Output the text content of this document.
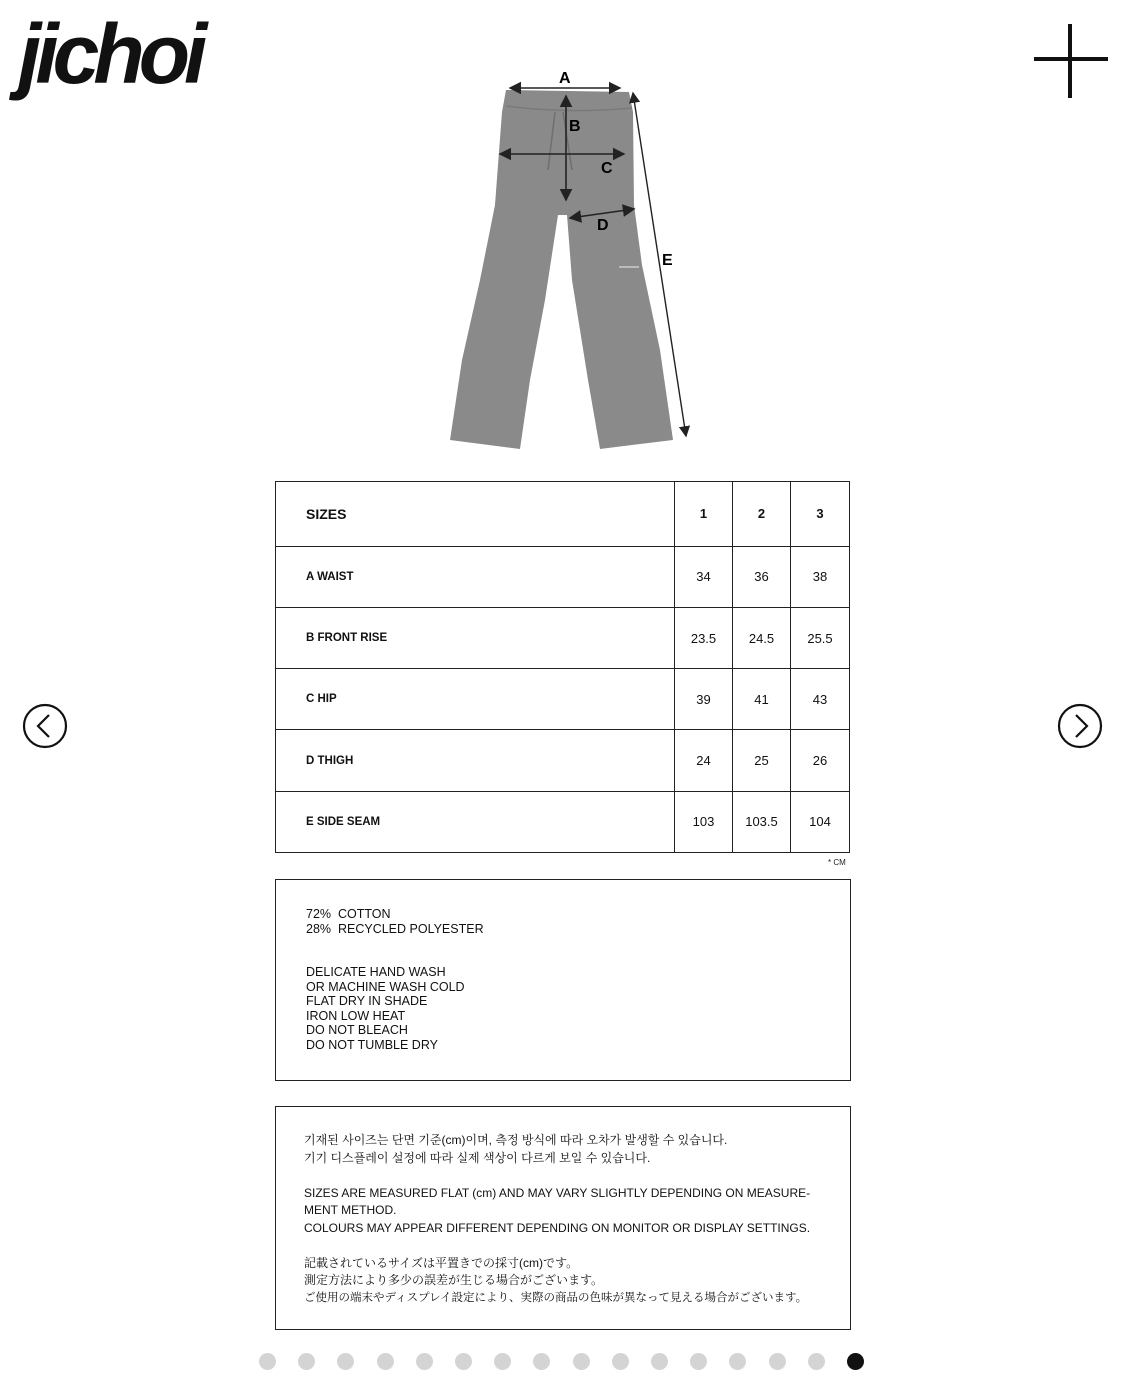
jichoi	A
B
C
D
E
SIZES	1	2	3
A WAIST	34	36	38
B FRONT RISE	23.5	24.5	25.5
C HIP	39	41	43
D THIGH	24	25	26
E SIDE SEAM	103	103.5	104
* CM
72%  COTTON
28%  RECYCLED POLYESTER
DELICATE HAND WASH
OR MACHINE WASH COLD
FLAT DRY IN SHADE
IRON LOW HEAT
DO NOT BLEACH
DO NOT TUMBLE DRY
기재된 사이즈는 단면 기준(cm)이며, 측정 방식에 따라 오차가 발생할 수 있습니다.
기기 디스플레이 설정에 따라 실제 색상이 다르게 보일 수 있습니다.
SIZES ARE MEASURED FLAT (cm) AND MAY VARY SLIGHTLY DEPENDING ON MEASURE-
MENT METHOD.
COLOURS MAY APPEAR DIFFERENT DEPENDING ON MONITOR OR DISPLAY SETTINGS.
記載されているサイズは平置きでの採寸(cm)です。
測定方法により多少の誤差が生じる場合がございます。
ご使用の端末やディスプレイ設定により、実際の商品の色味が異なって見える場合がございます。
